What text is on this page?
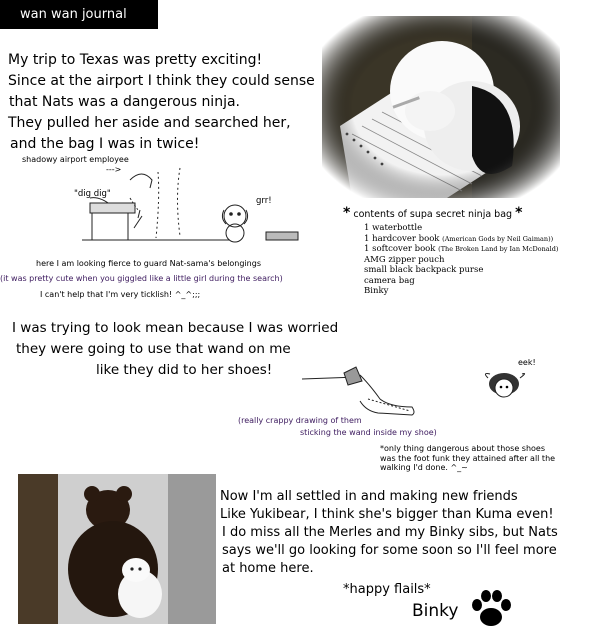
wan wan journal
My trip to Texas was pretty exciting!
Since at the airport I think they could sense
that Nats was a dangerous ninja.
They pulled her aside and searched her,
and the bag I was in twice!
shadowy airport employee
--->
"dig dig"
grr!
here I am looking fierce to guard Nat-sama's belongings
(it was pretty cute when you giggled like a little girl during the search)
I can't help that I'm very ticklish! ^_^;;;
* contents of supa secret ninja bag *
1 waterbottle
1 hardcover book (American Gods by Neil Gaiman))
1 softcover book (The Broken Land by Ian McDonald)
AMG zipper pouch
small black backpack purse
camera bag
Binky
I was trying to look mean because I was worried
they were going to use that wand on me
like they did to her shoes!	eek!
(really crappy drawing of them
sticking the wand inside my shoe)
*only thing dangerous about those shoes
was the foot funk they attained after all the
walking I'd done. ^_~
Now I'm all settled in and making new friends
Like Yukibear, I think she's bigger than Kuma even!
I do miss all the Merles and my Binky sibs, but Nats
says we'll go looking for some soon so I'll feel more
at home here.
*happy flails*
Binky
